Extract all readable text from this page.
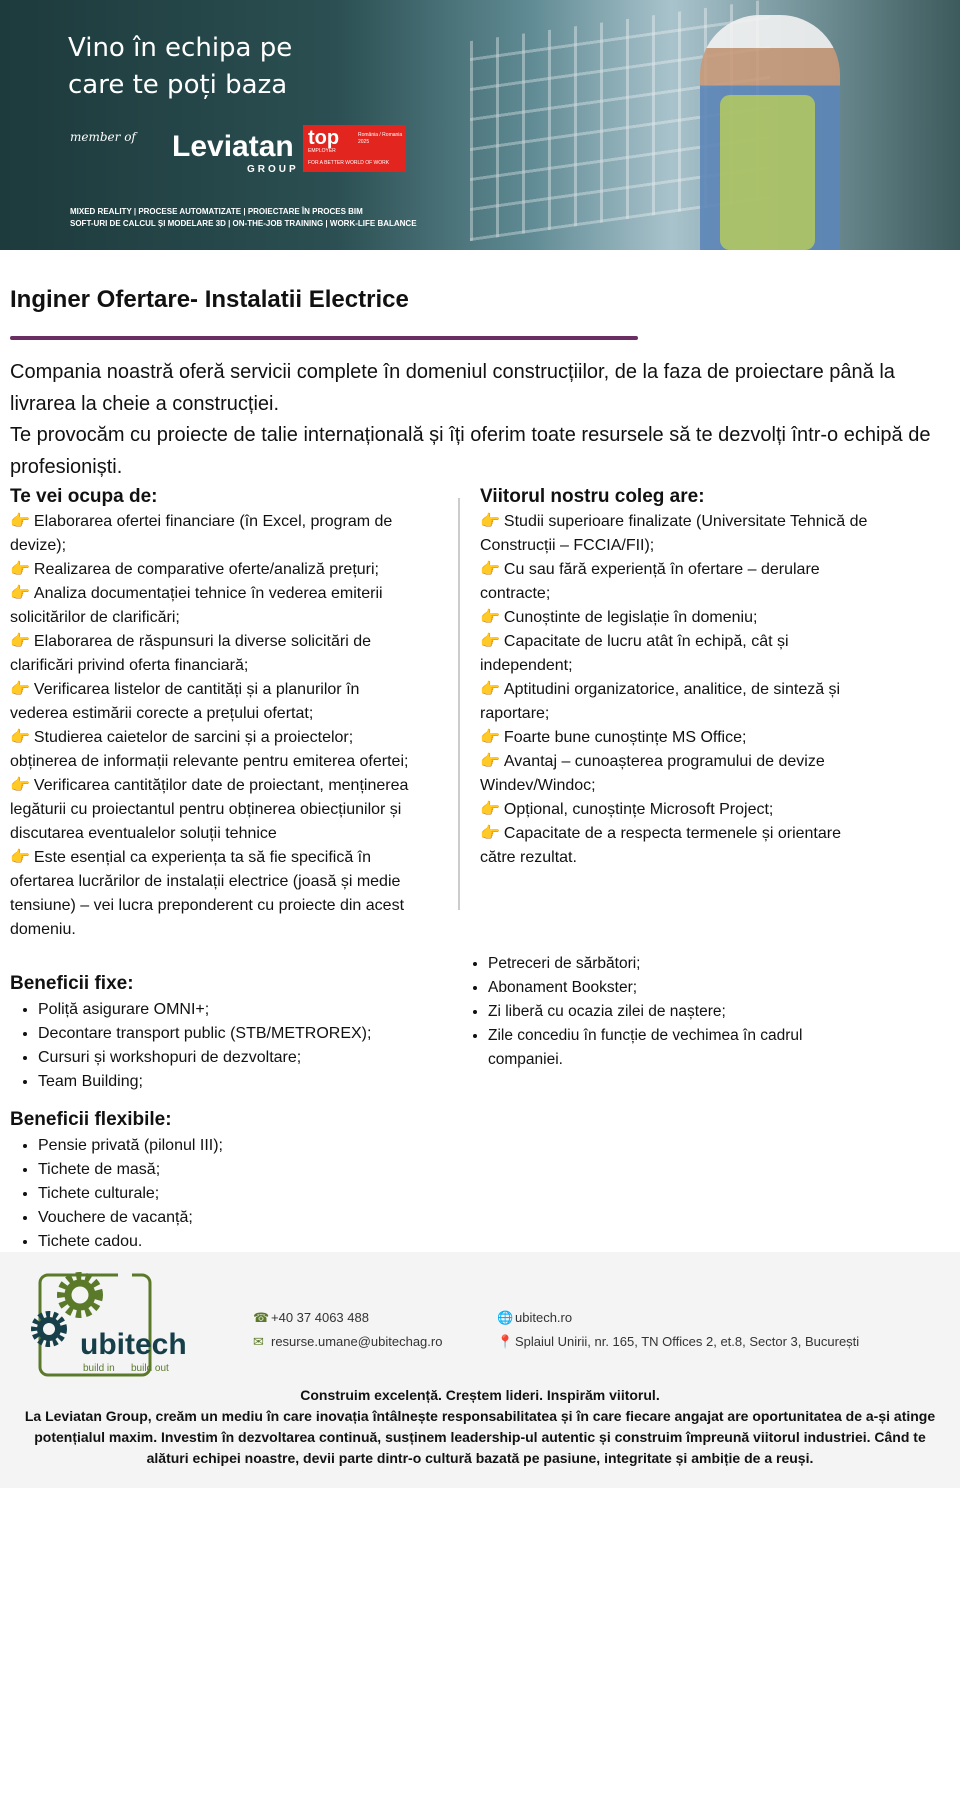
Vino în echipa pe
care te poți baza
member of Leviatan
GROUP
top
EMPLOYER
România / Romania
2025
FOR A BETTER WORLD OF WORK
MIXED REALITY | PROCESE AUTOMATIZATE | PROIECTARE ÎN PROCES BIM
SOFT-URI DE CALCUL ȘI MODELARE 3D | ON-THE-JOB TRAINING | WORK-LIFE BALANCE
Inginer Ofertare- Instalatii Electrice
Compania noastră oferă servicii complete în domeniul construcțiilor, de la faza de proiectare până la livrarea la cheie a construcției.
Te provocăm cu proiecte de talie internațională și îți oferim toate resursele să te dezvolți într-o echipă de profesioniști.
Te vei ocupa de:
👉 Elaborarea ofertei financiare (în Excel, program de devize);
👉 Realizarea de comparative oferte/analiză prețuri;
👉 Analiza documentației tehnice în vederea emiterii solicitărilor de clarificări;
👉 Elaborarea de răspunsuri la diverse solicitări de clarificări privind oferta financiară;
👉 Verificarea listelor de cantități și a planurilor în vederea estimării corecte a prețului ofertat;
👉 Studierea caietelor de sarcini și a proiectelor; obținerea de informații relevante pentru emiterea ofertei;
👉 Verificarea cantităților date de proiectant, menținerea legăturii cu proiectantul pentru obținerea obiecțiunilor și discutarea eventualelor soluții tehnice
👉 Este esențial ca experiența ta să fie specifică în ofertarea lucrărilor de instalații electrice (joasă și medie tensiune) – vei lucra preponderent cu proiecte din acest domeniu.
Viitorul nostru coleg are:
👉 Studii superioare finalizate (Universitate Tehnică de Construcții – FCCIA/FII);
👉 Cu sau fără experiență în ofertare – derulare contracte;
👉 Cunoștinte de legislație în domeniu;
👉 Capacitate de lucru atât în echipă, cât și independent;
👉 Aptitudini organizatorice, analitice, de sinteză și raportare;
👉 Foarte bune cunoștințe MS Office;
👉 Avantaj – cunoașterea programului de devize Windev/Windoc;
👉 Opțional, cunoștințe Microsoft Project;
👉 Capacitate de a respecta termenele și orientare către rezultat.
Beneficii fixe:
• Poliță asigurare OMNI+;
• Decontare transport public (STB/METROREX);
• Cursuri și workshopuri de dezvoltare;
• Team Building;
Beneficii flexibile:
• Pensie privată (pilonul III);
• Tichete de masă;
• Tichete culturale;
• Vouchere de vacanță;
• Tichete cadou.
• Petreceri de sărbători;
• Abonament Bookster;
• Zi liberă cu ocazia zilei de naștere;
• Zile concediu în funcție de vechimea în cadrul companiei.
ubitech
build in build out
☎ +40 37 4063 488
✉ resurse.umane@ubitechag.ro
🌐 ubitech.ro
📍 Splaiul Unirii, nr. 165, TN Offices 2, et.8, Sector 3, București
Construim excelență. Creștem lideri. Inspirăm viitorul.
La Leviatan Group, creăm un mediu în care inovația întâlnește responsabilitatea și în care fiecare angajat are oportunitatea de a-și atinge potențialul maxim. Investim în dezvoltarea continuă, susținem leadership-ul autentic și construim împreună viitorul industriei. Când te alături echipei noastre, devii parte dintr-o cultură bazată pe pasiune, integritate și ambiție de a reuși.
